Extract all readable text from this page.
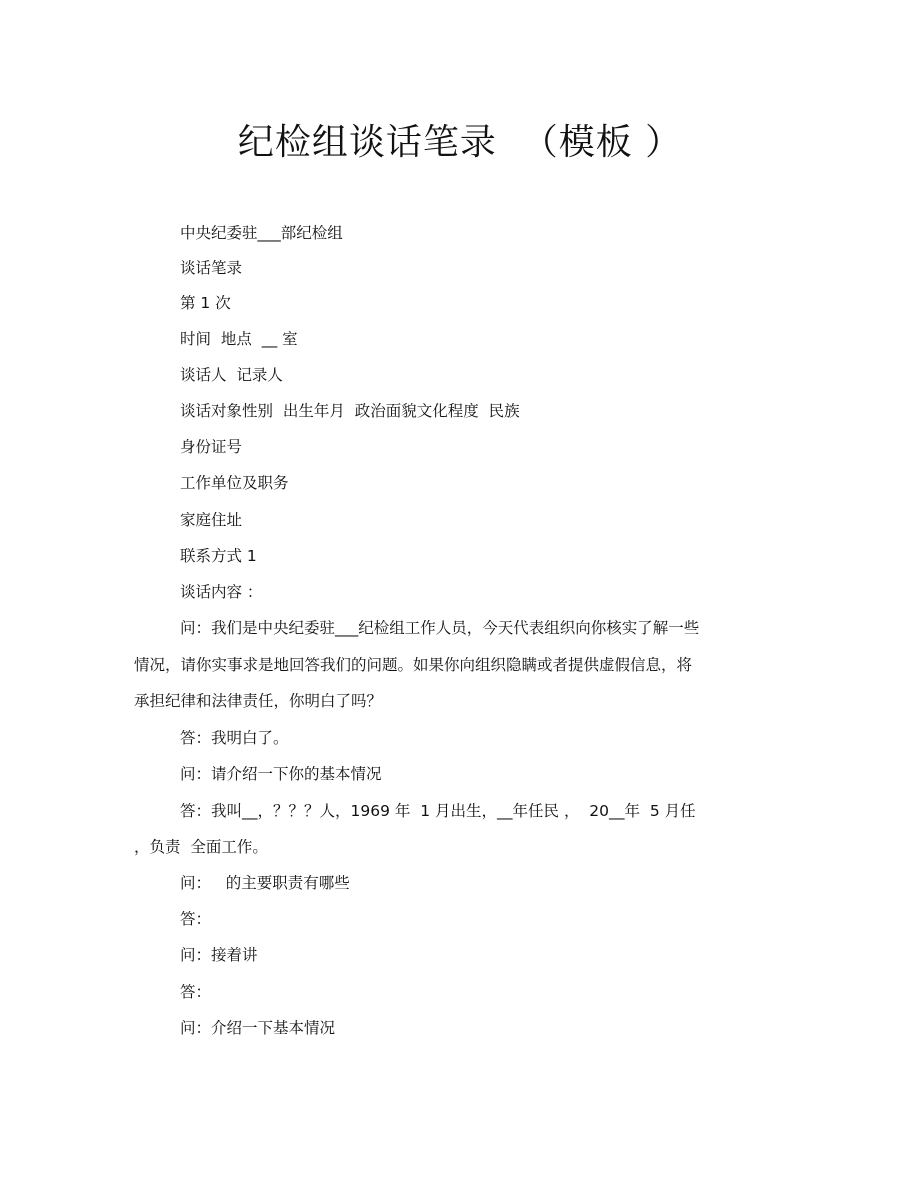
纪检组谈话笔录  （模板 ）
中央纪委驻___部纪检组
谈话笔录
第 1 次
时间  地点  __ 室
谈话人  记录人
谈话对象性别  出生年月  政治面貌文化程度  民族
身份证号
工作单位及职务
家庭住址
联系方式 1
谈话内容 ：
问：我们是中央纪委驻___纪检组工作人员，今天代表组织向你核实了解一些
情况，请你实事求是地回答我们的问题。如果你向组织隐瞒或者提供虚假信息，将
承担纪律和法律责任，你明白了吗？
答：我明白了。
问：请介绍一下你的基本情况
答：我叫__，？？？人，1969 年  1 月出生，__年任民 ，  20__年  5 月任
，负责  全面工作。
问：   的主要职责有哪些
答：
问：接着讲
答：
问：介绍一下基本情况
